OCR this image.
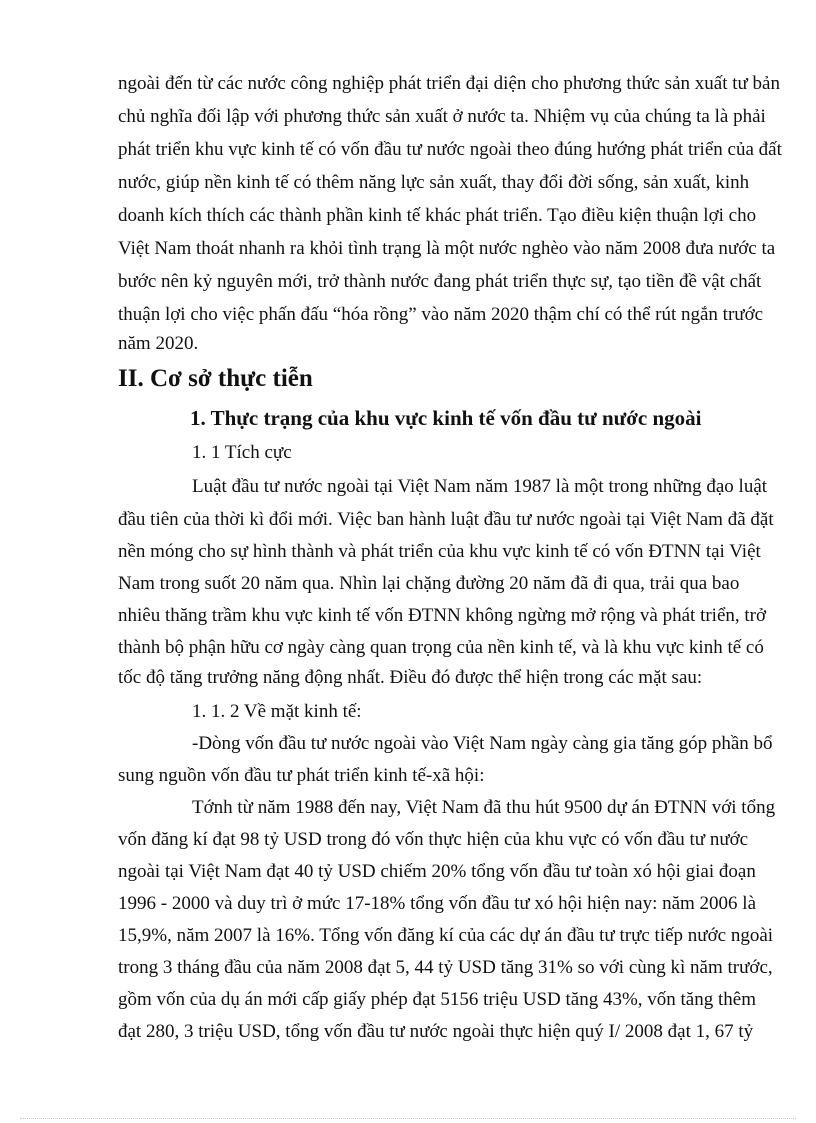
ngoài đến từ các nước công nghiệp phát triển đại diện cho phương thức sản xuất tư bản
chủ nghĩa đối lập với phương thức sản xuất ở nước ta. Nhiệm vụ của chúng ta là phải
phát triển khu vực kinh tế có vốn đầu tư nước ngoài theo đúng hướng phát triển của đất
nước, giúp nền kinh tế có thêm năng lực sản xuất, thay đổi đời sống, sản xuất, kinh
doanh kích thích các thành phần kinh tế khác phát triển. Tạo điều kiện thuận lợi cho
Việt Nam thoát nhanh ra khỏi tình trạng là một nước nghèo vào năm 2008 đưa nước ta
bước nên kỷ nguyên mới, trở thành nước đang phát triển thực sự, tạo tiền đề vật chất
thuận lợi cho việc phấn đấu “hóa rồng” vào năm 2020 thậm chí có thể rút ngắn trước
năm 2020.
II. Cơ sở thực tiễn
1. Thực trạng của khu vực kinh tế vốn đầu tư nước ngoài
1. 1 Tích cực
Luật đầu tư nước ngoài tại Việt Nam năm 1987 là một trong những đạo luật
đầu tiên của thời kì đổi mới. Việc ban hành luật đầu tư nước ngoài tại Việt Nam đã đặt
nền móng cho sự hình thành và phát triển của khu vực kinh tế có vốn ĐTNN tại Việt
Nam trong suốt 20 năm qua. Nhìn lại chặng đường 20 năm đã đi qua, trải qua bao
nhiêu thăng trầm khu vực kinh tế vốn ĐTNN không ngừng mở rộng và phát triển, trở
thành bộ phận hữu cơ ngày càng quan trọng của nền kinh tế, và là khu vực kinh tế có
tốc độ tăng trưởng năng động nhất. Điều đó được thể hiện trong các mặt sau:
1. 1. 2 Về mặt kinh tế:
-Dòng vốn đầu tư nước ngoài vào Việt Nam ngày càng gia tăng góp phần bổ
sung nguồn vốn đầu tư phát triển kinh tế-xã hội:
Tớnh từ năm 1988 đến nay, Việt Nam đã thu hút 9500 dự án ĐTNN với tổng
vốn đăng kí đạt 98 tỷ USD trong đó vốn thực hiện của khu vực có vốn đầu tư nước
ngoài tại Việt Nam đạt 40 tỷ USD chiếm 20% tổng vốn đầu tư toàn xó hội giai đoạn
1996 - 2000 và duy trì ở mức 17-18% tổng vốn đầu tư xó hội hiện nay: năm 2006 là
15,9%, năm 2007 là 16%. Tổng vốn đăng kí của các dự án đầu tư trực tiếp nước ngoài
trong 3 tháng đầu của năm 2008 đạt 5, 44 tỷ USD tăng 31% so với cùng kì năm trước,
gồm vốn của dụ án mới cấp giấy phép đạt 5156 triệu USD tăng 43%, vốn tăng thêm
đạt 280, 3 triệu USD, tổng vốn đầu tư nước ngoài thực hiện quý I/ 2008 đạt 1, 67 tỷ
